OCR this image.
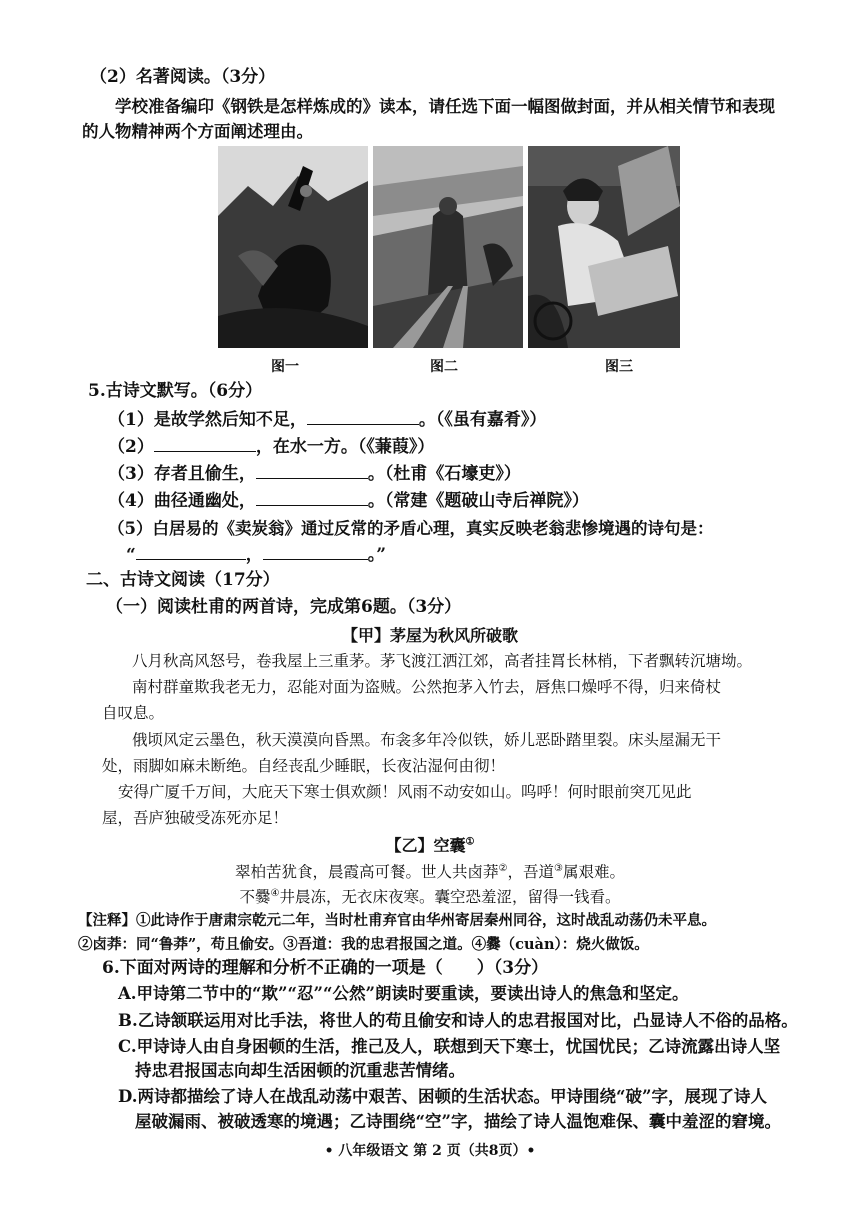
（2）名著阅读。（3分）
学校准备编印《钢铁是怎样炼成的》读本，请任选下面一幅图做封面，并从相关情节和表现
的人物精神两个方面阐述理由。
图一	图二	图三
5.古诗文默写。（6分）
（1）是故学然后知不足，	。（《虽有嘉肴》）
（2）	，在水一方。（《蒹葭》）
（3）存者且偷生，	。（杜甫《石壕吏》）
（4）曲径通幽处，	。（常建《题破山寺后禅院》）
（5）白居易的《卖炭翁》通过反常的矛盾心理，真实反映老翁悲惨境遇的诗句是：
“	，	。”
二、古诗文阅读（17分）
（一）阅读杜甫的两首诗，完成第6题。（3分）
【甲】茅屋为秋风所破歌
八月秋高风怒号，卷我屋上三重茅。茅飞渡江洒江郊，高者挂罥长林梢，下者飘转沉塘坳。
南村群童欺我老无力，忍能对面为盗贼。公然抱茅入竹去，唇焦口燥呼不得，归来倚杖
自叹息。
俄顷风定云墨色，秋天漠漠向昏黑。布衾多年冷似铁，娇儿恶卧踏里裂。床头屋漏无干
处，雨脚如麻未断绝。自经丧乱少睡眠，长夜沾湿何由彻！
安得广厦千万间，大庇天下寒士俱欢颜！风雨不动安如山。呜呼！何时眼前突兀见此
屋，吾庐独破受冻死亦足！
【乙】空囊①
翠柏苦犹食，晨霞高可餐。世人共卤莽②，吾道③属艰难。
不爨④井晨冻，无衣床夜寒。囊空恐羞涩，留得一钱看。
【注释】①此诗作于唐肃宗乾元二年，当时杜甫弃官由华州寄居秦州同谷，这时战乱动荡仍未平息。
②卤莽：同“鲁莽”，苟且偷安。③吾道：我的忠君报国之道。④爨（cuàn）：烧火做饭。
6.下面对两诗的理解和分析不正确的一项是（　　）（3分）
A.甲诗第二节中的“欺”“忍”“公然”朗读时要重读，要读出诗人的焦急和坚定。
B.乙诗颔联运用对比手法，将世人的苟且偷安和诗人的忠君报国对比，凸显诗人不俗的品格。
C.甲诗诗人由自身困顿的生活，推己及人，联想到天下寒士，忧国忧民；乙诗流露出诗人坚
持忠君报国志向却生活困顿的沉重悲苦情绪。
D.两诗都描绘了诗人在战乱动荡中艰苦、困顿的生活状态。甲诗围绕“破”字，展现了诗人
屋破漏雨、被破透寒的境遇；乙诗围绕“空”字，描绘了诗人温饱难保、囊中羞涩的窘境。
• 八年级语文 第 2 页（共8页）•
